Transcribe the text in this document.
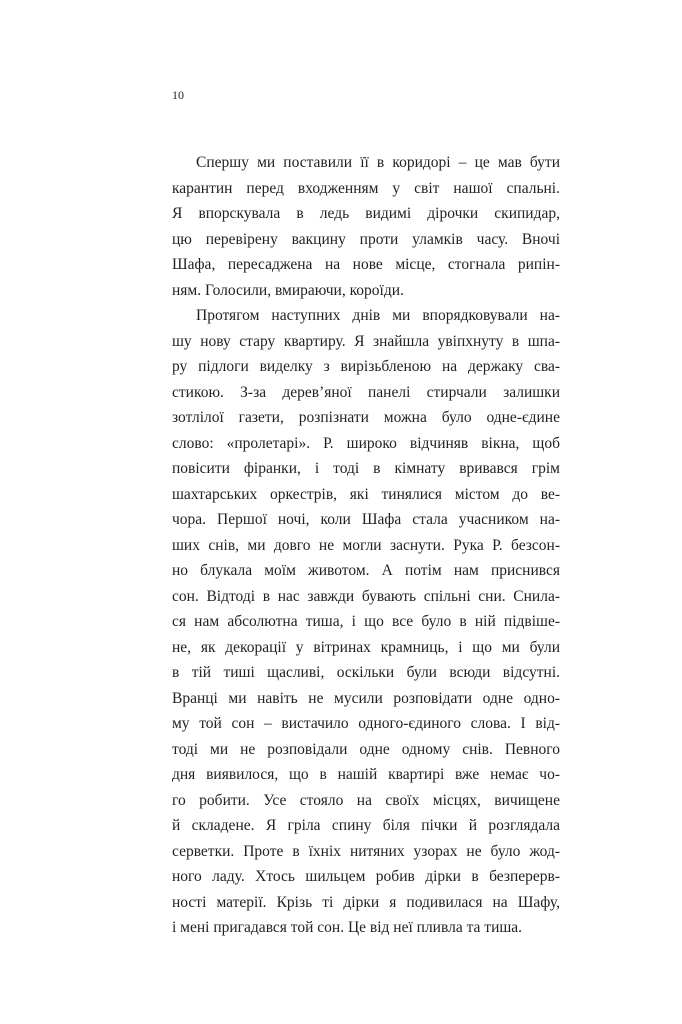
10
Спершу ми поставили її в коридорі – це мав бути
карантин перед входженням у світ нашої спальні.
Я впорскувала в ледь видимі дірочки скипидар,
цю перевірену вакцину проти уламків часу. Вночі
Шафа, пересаджена на нове місце, стогнала рипін-
ням. Голосили, вмираючи, короїди.
Протягом наступних днів ми впорядковували на-
шу нову стару квартиру. Я знайшла увіпхнуту в шпа-
ру підлоги виделку з вирізьбленою на держаку сва-
стикою. З-за дерев’яної панелі стирчали залишки
зотлілої газети, розпізнати можна було одне-єдине
слово: «пролетарі». Р. широко відчиняв вікна, щоб
повісити фіранки, і тоді в кімнату вривався грім
шахтарських оркестрів, які тинялися містом до ве-
чора. Першої ночі, коли Шафа стала учасником на-
ших снів, ми довго не могли заснути. Рука Р. безсон-
но блукала моїм животом. А потім нам приснився
сон. Відтоді в нас завжди бувають спільні сни. Снила-
ся нам абсолютна тиша, і що все було в ній підвіше-
не, як декорації у вітринах крамниць, і що ми були
в тій тиші щасливі, оскільки були всюди відсутні.
Вранці ми навіть не мусили розповідати одне одно-
му той сон – вистачило одного-єдиного слова. І від-
тоді ми не розповідали одне одному снів. Певного
дня виявилося, що в нашій квартирі вже немає чо-
го робити. Усе стояло на своїх місцях, вичищене
й складене. Я гріла спину біля пічки й розглядала
серветки. Проте в їхніх нитяних узорах не було жод-
ного ладу. Хтось шильцем робив дірки в безперерв-
ності матерії. Крізь ті дірки я подивилася на Шафу,
і мені пригадався той сон. Це від неї пливла та тиша.
